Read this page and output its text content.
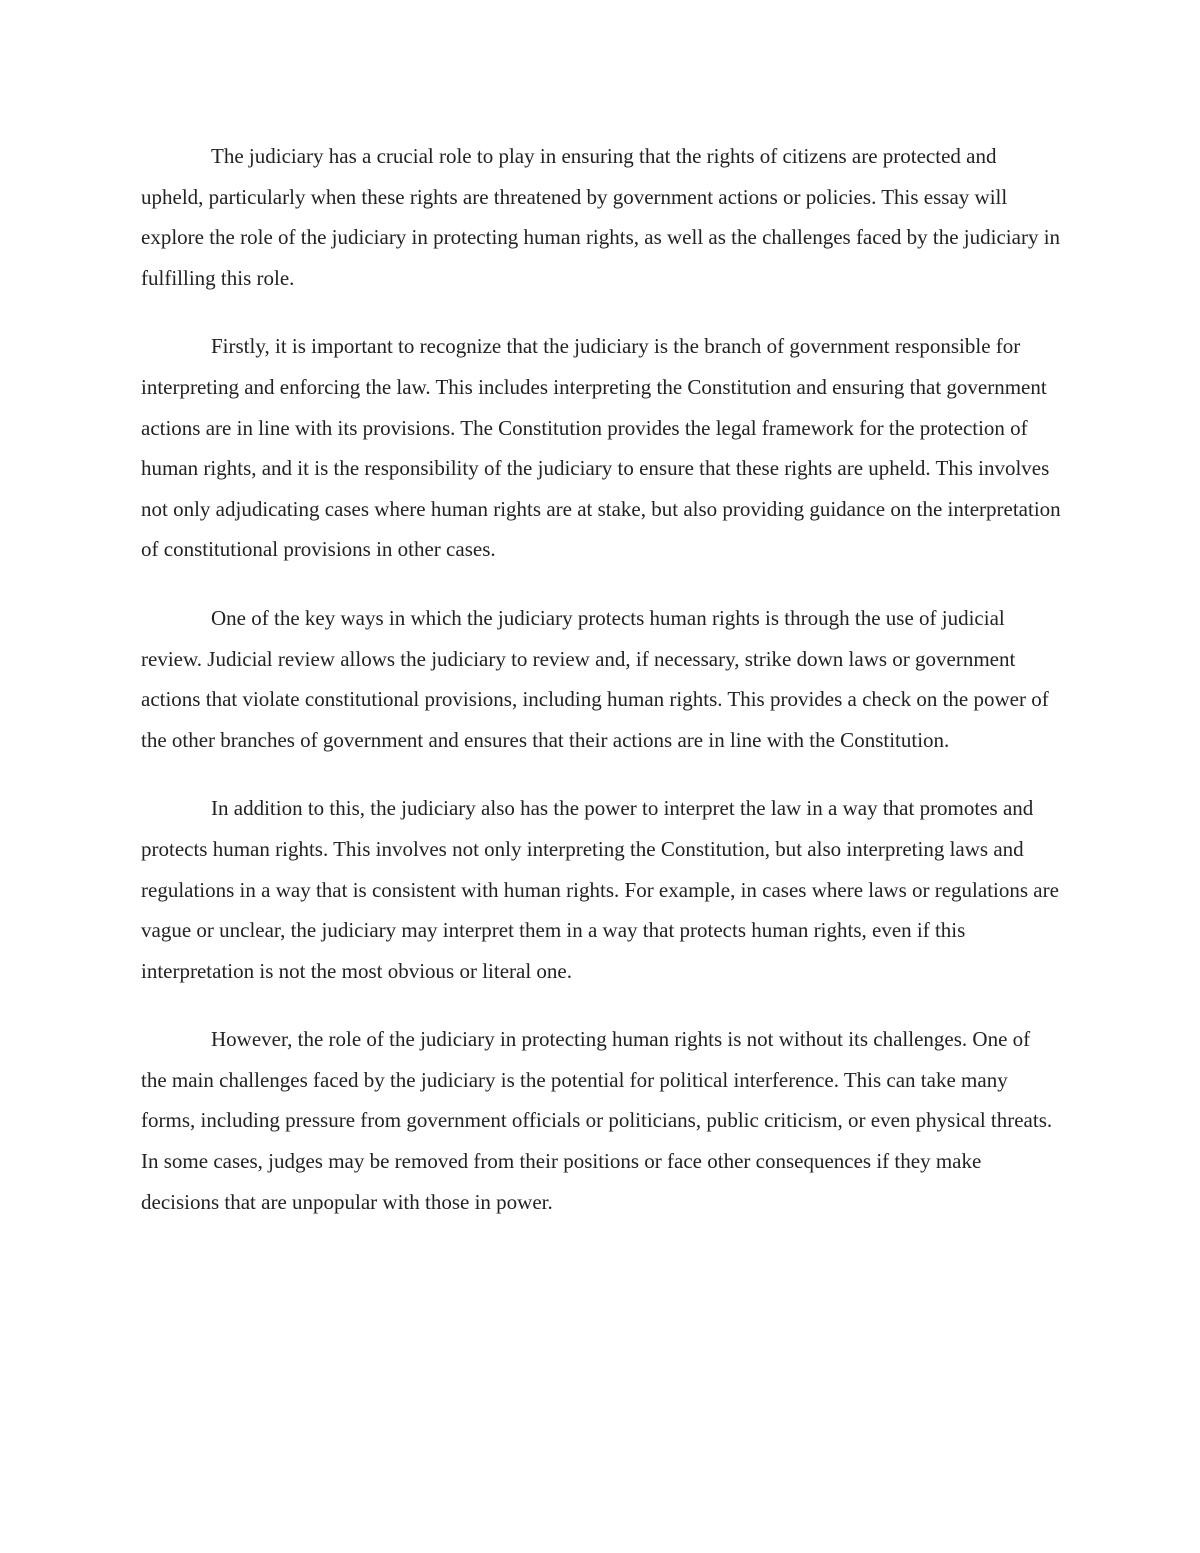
The judiciary has a crucial role to play in ensuring that the rights of citizens are protected and upheld, particularly when these rights are threatened by government actions or policies. This essay will explore the role of the judiciary in protecting human rights, as well as the challenges faced by the judiciary in fulfilling this role.

Firstly, it is important to recognize that the judiciary is the branch of government responsible for interpreting and enforcing the law. This includes interpreting the Constitution and ensuring that government actions are in line with its provisions. The Constitution provides the legal framework for the protection of human rights, and it is the responsibility of the judiciary to ensure that these rights are upheld. This involves not only adjudicating cases where human rights are at stake, but also providing guidance on the interpretation of constitutional provisions in other cases.

One of the key ways in which the judiciary protects human rights is through the use of judicial review. Judicial review allows the judiciary to review and, if necessary, strike down laws or government actions that violate constitutional provisions, including human rights. This provides a check on the power of the other branches of government and ensures that their actions are in line with the Constitution.

In addition to this, the judiciary also has the power to interpret the law in a way that promotes and protects human rights. This involves not only interpreting the Constitution, but also interpreting laws and regulations in a way that is consistent with human rights. For example, in cases where laws or regulations are vague or unclear, the judiciary may interpret them in a way that protects human rights, even if this interpretation is not the most obvious or literal one.

However, the role of the judiciary in protecting human rights is not without its challenges. One of the main challenges faced by the judiciary is the potential for political interference. This can take many forms, including pressure from government officials or politicians, public criticism, or even physical threats. In some cases, judges may be removed from their positions or face other consequences if they make decisions that are unpopular with those in power.
